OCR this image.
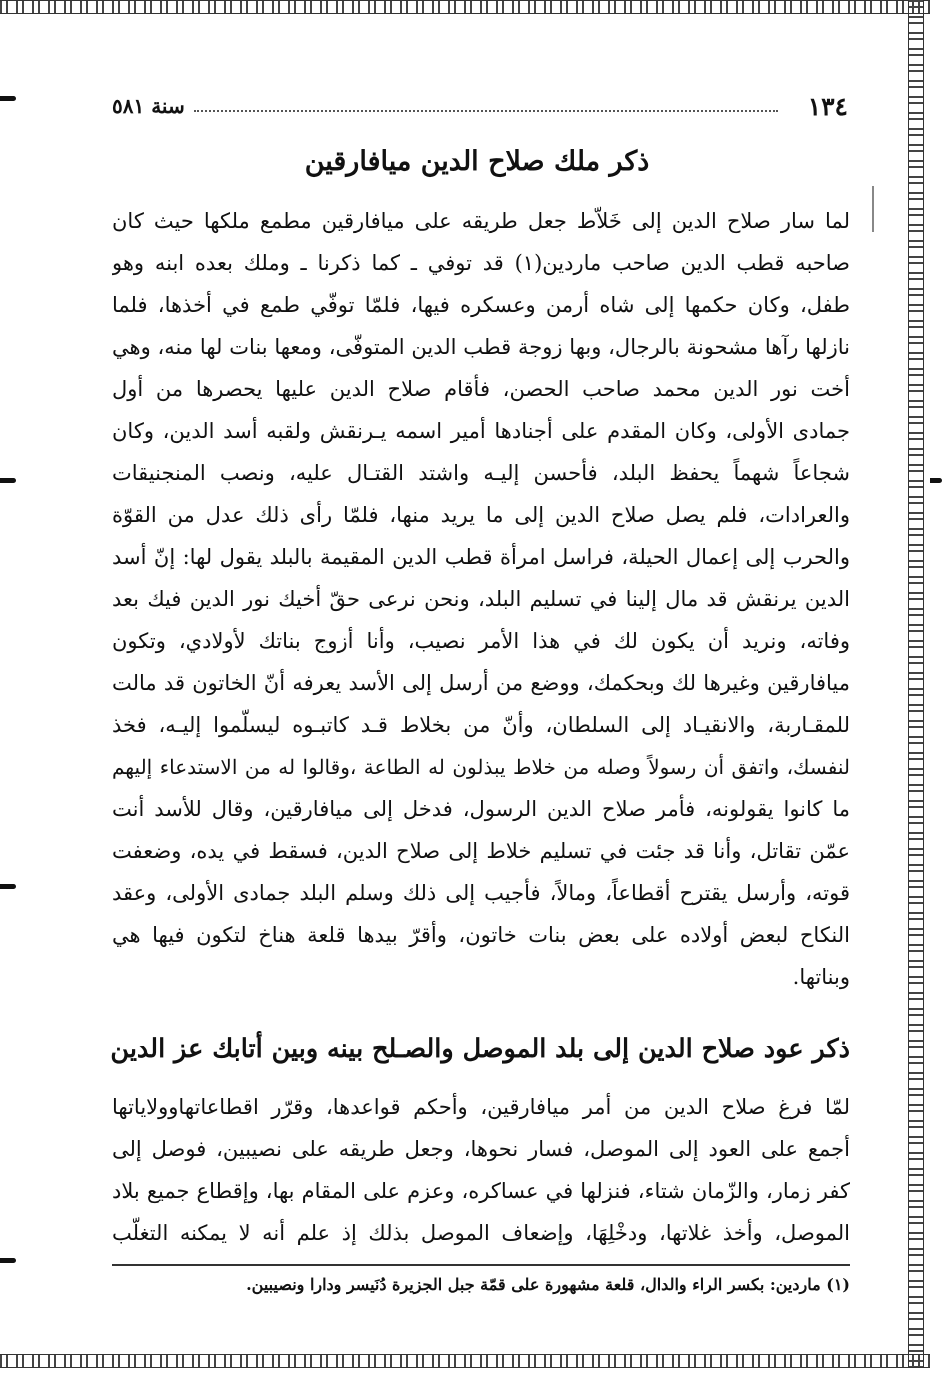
١٣٤
سنة ٥٨١
ذكر ملك صلاح الدين ميافارقين
لما سار صلاح الدين إلى خَلاّط جعل طريقه على ميافارقين مطمع ملكها حيث كان
صاحبه قطب الدين صاحب ماردين(١) قد توفي ـ كما ذكرنا ـ وملك بعده ابنه وهو
طفل، وكان حكمها إلى شاه أرمن وعسكره فيها، فلمّا توفّي طمع في أخذها، فلما
نازلها رآها مشحونة بالرجال، وبها زوجة قطب الدين المتوفّى، ومعها بنات لها منه، وهي
أخت نور الدين محمد صاحب الحصن، فأقام صلاح الدين عليها يحصرها من أول
جمادى الأولى، وكان المقدم على أجنادها أمير اسمه يـرنقش ولقبه أسد الدين، وكان
شجاعاً شهماً يحفظ البلد، فأحسن إليـه واشتد القتـال عليه، ونصب المنجنيقات
والعرادات، فلم يصل صلاح الدين إلى ما يريد منها، فلمّا رأى ذلك عدل من القوّة
والحرب إلى إعمال الحيلة، فراسل امرأة قطب الدين المقيمة بالبلد يقول لها: إنّ أسد
الدين يرنقش قد مال إلينا في تسليم البلد، ونحن نرعى حقّ أخيك نور الدين فيك بعد
وفاته، ونريد أن يكون لك في هذا الأمر نصيب، وأنا أزوج بناتك لأولادي، وتكون
ميافارقين وغيرها لك وبحكمك، ووضع من أرسل إلى الأسد يعرفه أنّ الخاتون قد مالت
للمقـاربة، والانقيـاد إلى السلطان، وأنّ من بخلاط قـد كاتبـوه ليسلّموا إليـه، فخذ
لنفسك، واتفق أن رسولاً وصله من خلاط يبذلون له الطاعة ،وقالوا له من الاستدعاء إليهم
ما كانوا يقولونه، فأمر صلاح الدين الرسول، فدخل إلى ميافارقين، وقال للأسد أنت
عمّن تقاتل، وأنا قد جئت في تسليم خلاط إلى صلاح الدين، فسقط في يده، وضعفت
قوته، وأرسل يقترح أقطاعاً، ومالاً، فأجيب إلى ذلك وسلم البلد جمادى الأولى، وعقد
النكاح لبعض أولاده على بعض بنات خاتون، وأقرّ بيدها قلعة هناخ لتكون فيها هي
وبناتها.
ذكر عود صلاح الدين إلى بلد الموصل والصـلح بينه وبين أتابك عز الدين
لمّا فرغ صلاح الدين من أمر ميافارقين، وأحكم قواعدها، وقرّر اقطاعاتهاوولاياتها
أجمع على العود إلى الموصل، فسار نحوها، وجعل طريقه على نصيبين، فوصل إلى
كفر زمار، والزّمان شتاء، فنزلها في عساكره، وعزم على المقام بها، وإقطاع جميع بلاد
الموصل، وأخذ غلاتها، ودخْلِهَا، وإضعاف الموصل بذلك إذ علم أنه لا يمكنه التغلّب
(١) ماردين: بكسر الراء والدال، قلعة مشهورة على قمّة جبل الجزيرة دُنَيسر ودارا ونصيبين.
